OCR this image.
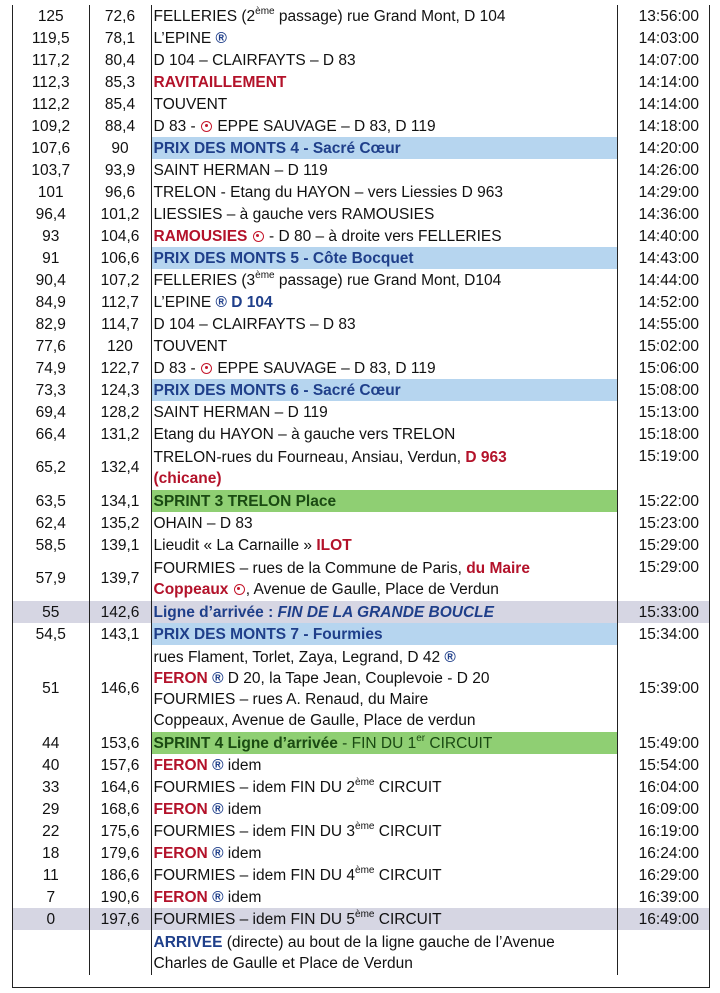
125	72,6	FELLERIES (2ème passage) rue Grand Mont, D 104	13:56:00
119,5	78,1	L’EPINE ®	14:03:00
117,2	80,4	D 104 – CLAIRFAYTS – D 83	14:07:00
112,3	85,3	RAVITAILLEMENT	14:14:00
112,2	85,4	TOUVENT	14:14:00
109,2	88,4	D 83 -  EPPE SAUVAGE – D 83, D 119	14:18:00
107,6	90	PRIX DES MONTS 4 - Sacré Cœur	14:20:00
103,7	93,9	SAINT HERMAN – D 119	14:26:00
101	96,6	TRELON - Etang du HAYON – vers Liessies D 963	14:29:00
96,4	101,2	LIESSIES – à gauche vers RAMOUSIES	14:36:00
93	104,6	RAMOUSIES  - D 80 – à droite vers FELLERIES	14:40:00
91	106,6	PRIX DES MONTS 5 - Côte Bocquet	14:43:00
90,4	107,2	FELLERIES (3ème passage) rue Grand Mont, D104	14:44:00
84,9	112,7	L’EPINE ® D 104	14:52:00
82,9	114,7	D 104 – CLAIRFAYTS – D 83	14:55:00
77,6	120	TOUVENT	15:02:00
74,9	122,7	D 83 -  EPPE SAUVAGE – D 83, D 119	15:06:00
73,3	124,3	PRIX DES MONTS 6 - Sacré Cœur	15:08:00
69,4	128,2	SAINT HERMAN – D 119	15:13:00
66,4	131,2	Etang du HAYON – à gauche vers TRELON	15:18:00
65,2	132,4	TRELON-rues du Fourneau, Ansiau, Verdun, D 963
(chicane)	15:19:00
63,5	134,1	SPRINT 3 TRELON Place	15:22:00
62,4	135,2	OHAIN – D 83	15:23:00
58,5	139,1	Lieudit « La Carnaille » ILOT	15:29:00
57,9	139,7	FOURMIES – rues de la Commune de Paris, du Maire
Coppeaux , Avenue de Gaulle, Place de Verdun	15:29:00
55	142,6	Ligne d’arrivée : FIN DE LA GRANDE BOUCLE	15:33:00
54,5	143,1	PRIX DES MONTS 7 - Fourmies	15:34:00
51	146,6	rues Flament, Torlet, Zaya, Legrand, D 42 ®
FERON ® D 20, la Tape Jean, Couplevoie - D 20
FOURMIES – rues A. Renaud, du Maire
Coppeaux, Avenue de Gaulle, Place de verdun	15:39:00
44	153,6	SPRINT 4 Ligne d’arrivée - FIN DU 1er CIRCUIT	15:49:00
40	157,6	FERON ® idem	15:54:00
33	164,6	FOURMIES – idem FIN DU 2ème CIRCUIT	16:04:00
29	168,6	FERON ® idem	16:09:00
22	175,6	FOURMIES – idem FIN DU 3ème CIRCUIT	16:19:00
18	179,6	FERON ® idem	16:24:00
11	186,6	FOURMIES – idem FIN DU 4ème CIRCUIT	16:29:00
7	190,6	FERON ® idem	16:39:00
0	197,6	FOURMIES – idem FIN DU 5ème CIRCUIT	16:49:00
		ARRIVEE (directe) au bout de la ligne gauche de l’Avenue
Charles de Gaulle et Place de Verdun	
